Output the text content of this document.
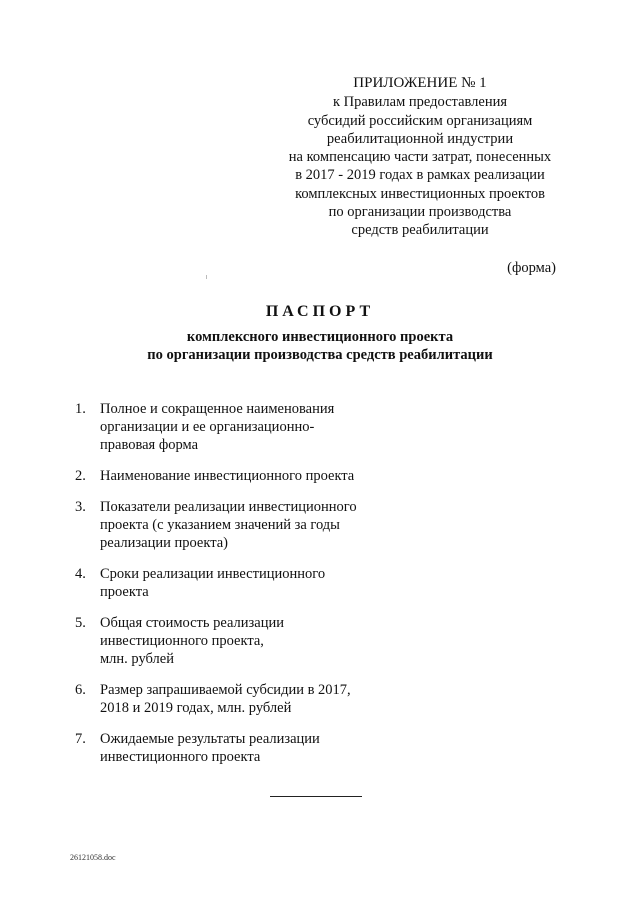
ПРИЛОЖЕНИЕ № 1
к Правилам предоставления
субсидий российским организациям
реабилитационной индустрии
на компенсацию части затрат, понесенных
в 2017 - 2019 годах в рамках реализации
комплексных инвестиционных проектов
по организации производства
средств реабилитации
(форма)
ПАСПОРТ
комплексного инвестиционного проекта
по организации производства средств реабилитации
1. Полное и сокращенное наименования
организации и ее организационно-
правовая форма
2. Наименование инвестиционного проекта
3. Показатели реализации инвестиционного
проекта (с указанием значений за годы
реализации проекта)
4. Сроки реализации инвестиционного
проекта
5. Общая стоимость реализации
инвестиционного проекта,
млн. рублей
6. Размер запрашиваемой субсидии в 2017,
2018 и 2019 годах, млн. рублей
7. Ожидаемые результаты реализации
инвестиционного проекта
26121058.doc
